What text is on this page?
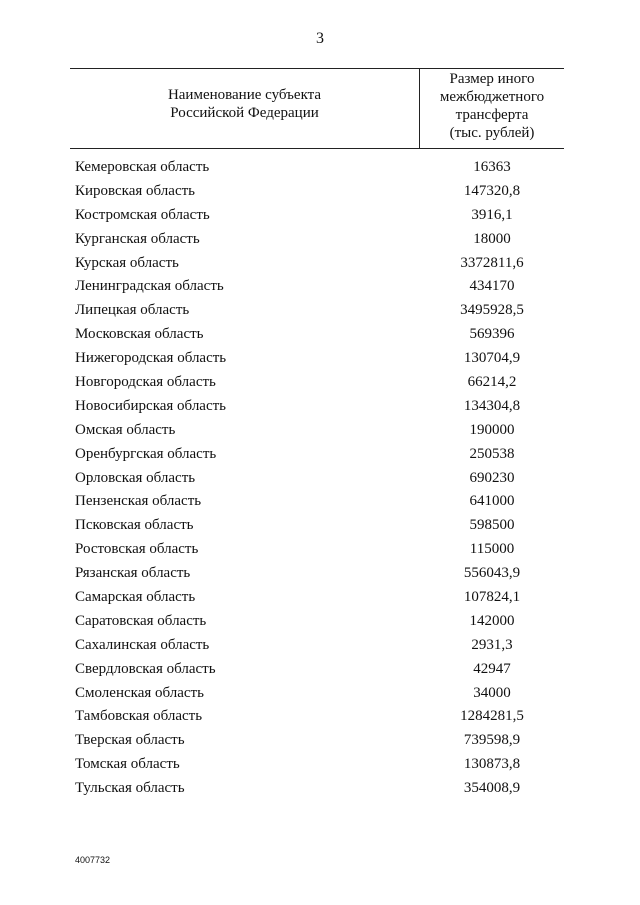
3
Наименование субъекта
Российской Федерации
Размер иного
межбюджетного
трансферта
(тыс. рублей)
Кемеровская область	16363
Кировская область	147320,8
Костромская область	3916,1
Курганская область	18000
Курская область	3372811,6
Ленинградская область	434170
Липецкая область	3495928,5
Московская область	569396
Нижегородская область	130704,9
Новгородская область	66214,2
Новосибирская область	134304,8
Омская область	190000
Оренбургская область	250538
Орловская область	690230
Пензенская область	641000
Псковская область	598500
Ростовская область	115000
Рязанская область	556043,9
Самарская область	107824,1
Саратовская область	142000
Сахалинская область	2931,3
Свердловская область	42947
Смоленская область	34000
Тамбовская область	1284281,5
Тверская область	739598,9
Томская область	130873,8
Тульская область	354008,9
4007732
